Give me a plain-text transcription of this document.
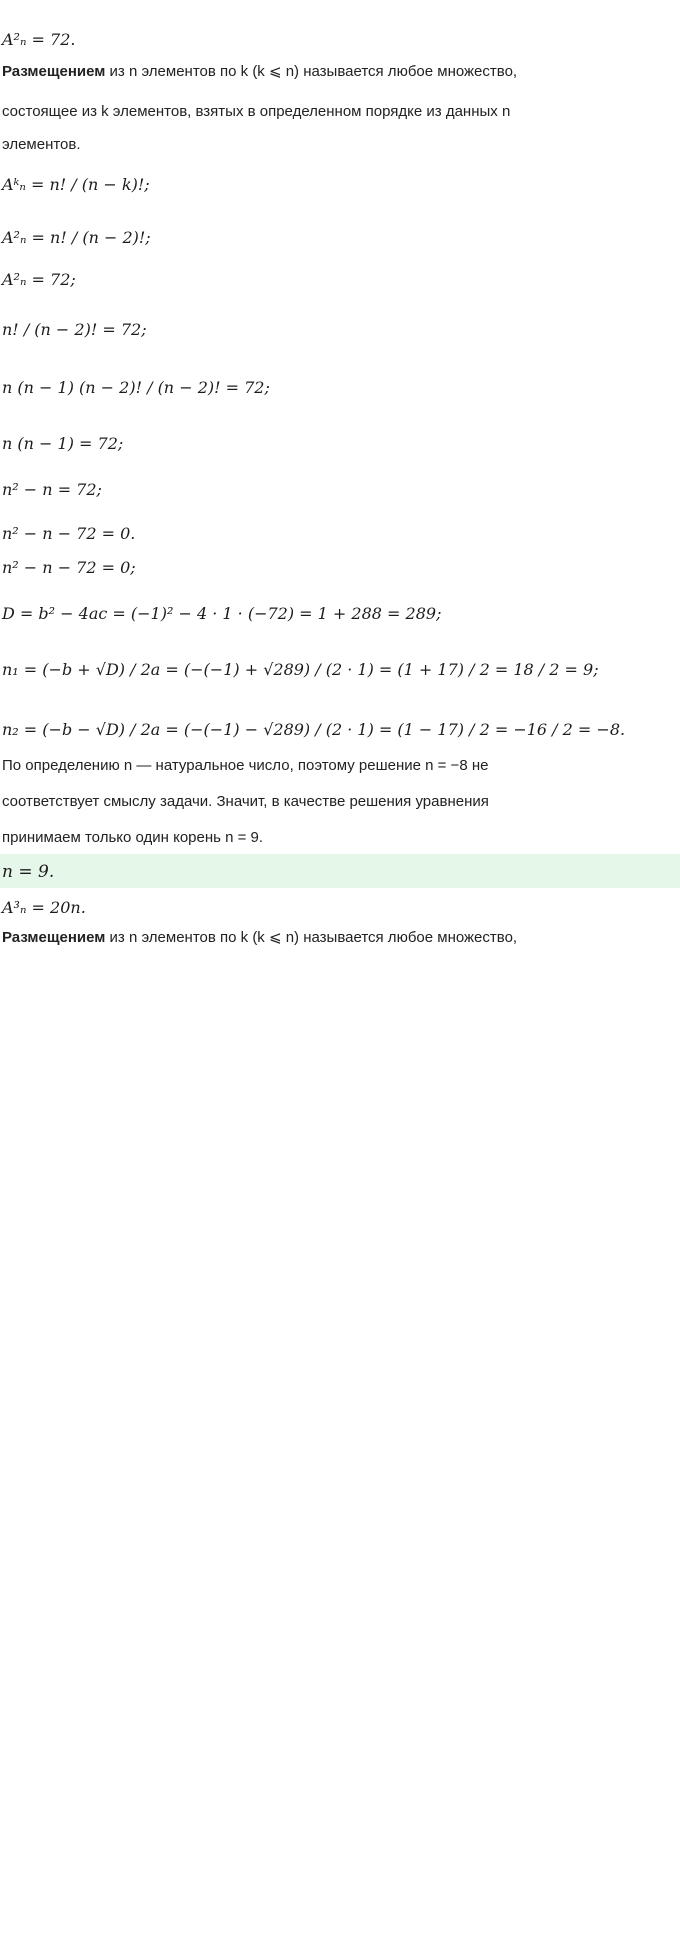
A²ₙ = 72.
Размещением из n элементов по k (k ⩽ n) называется любое множество,
состоящее из k элементов, взятых в определенном порядке из данных n
элементов.
Aᵏₙ = n! / (n − k)!;
A²ₙ = n! / (n − 2)!;
A²ₙ = 72;
n! / (n − 2)! = 72;
n (n − 1) (n − 2)! / (n − 2)! = 72;
n (n − 1) = 72;
n² − n = 72;
n² − n − 72 = 0.
n² − n − 72 = 0;
D = b² − 4ac = (−1)² − 4 · 1 · (−72) = 1 + 288 = 289;
n₁ = (−b + √D) / 2a = (−(−1) + √289) / (2 · 1) = (1 + 17) / 2 = 18 / 2 = 9;
n₂ = (−b − √D) / 2a = (−(−1) − √289) / (2 · 1) = (1 − 17) / 2 = −16 / 2 = −8.
По определению n — натуральное число, поэтому решение n = −8 не
соответствует смыслу задачи. Значит, в качестве решения уравнения
принимаем только один корень n = 9.
n = 9.
A³ₙ = 20n.
Размещением из n элементов по k (k ⩽ n) называется любое множество,
